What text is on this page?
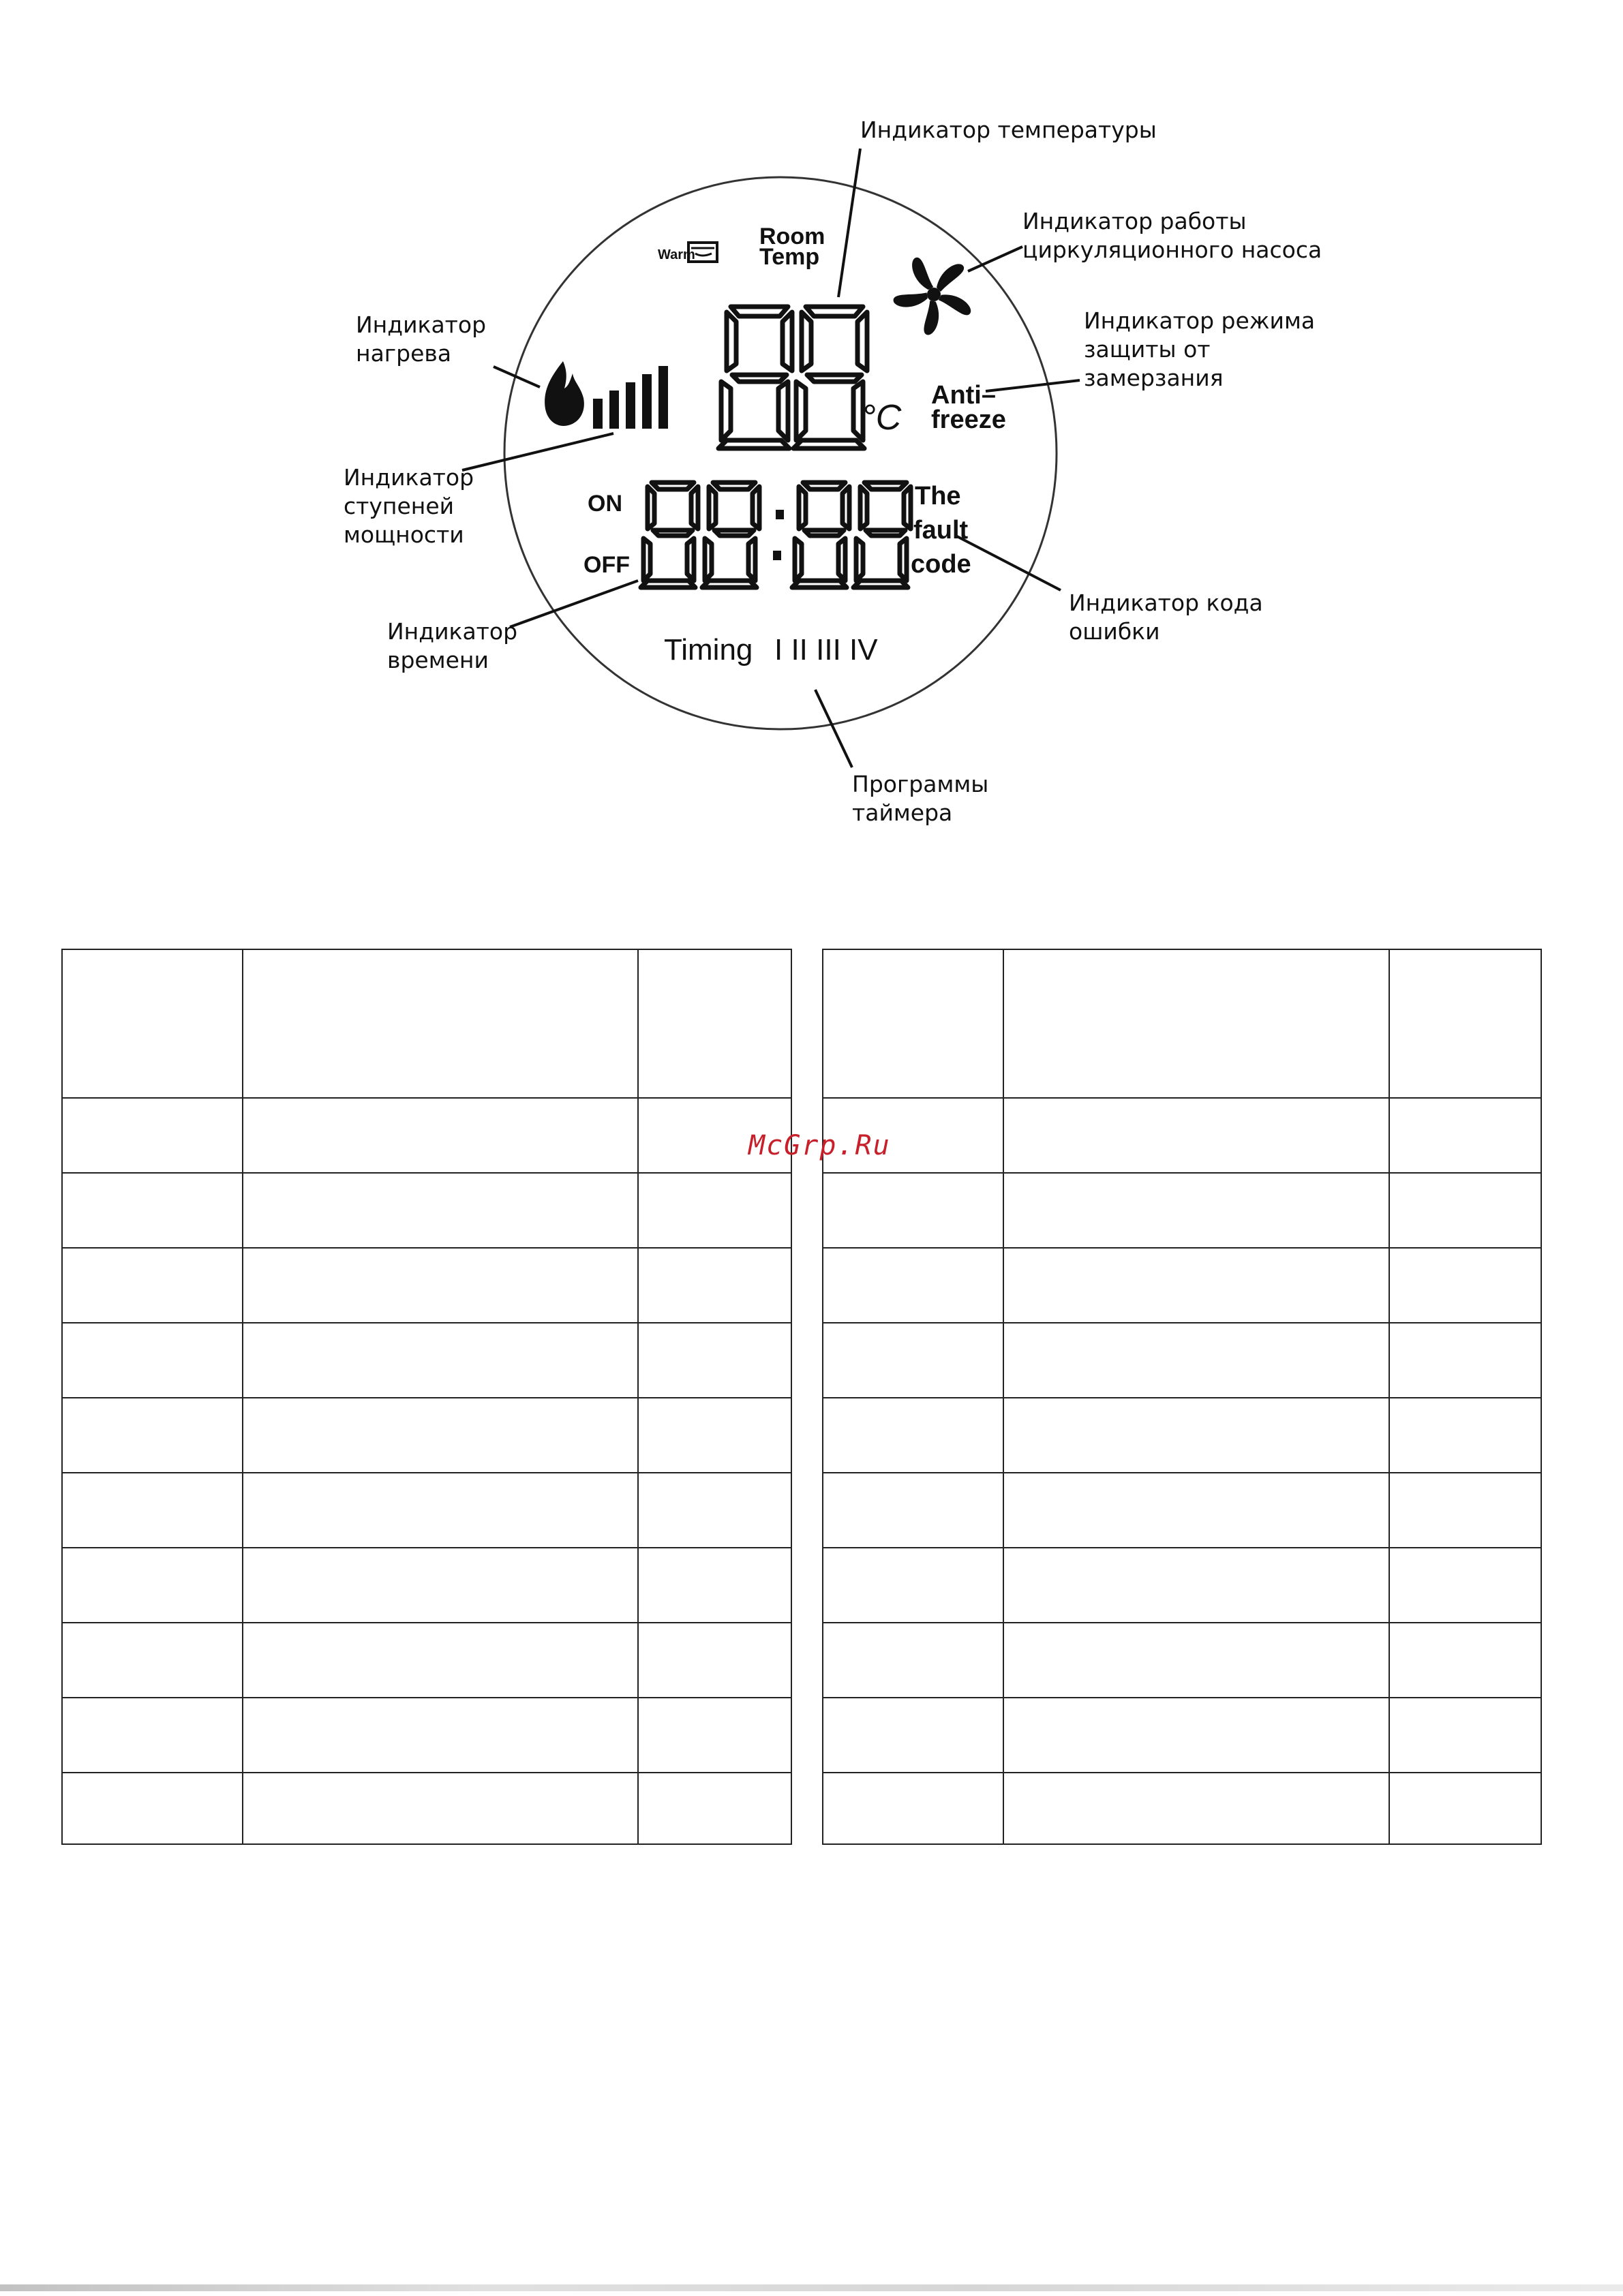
Warm
Room
Temp
°C
Anti–
freeze
ON
OFF
The
fault
code
Timing I II III IV
Индикатор температуры
Индикатор работы
циркуляционного насоса
Индикатор режима
защиты от
замерзания
Индикатор
нагрева
Индикатор
ступеней
мощности
Индикатор
времени
Индикатор кода
ошибки
Программы
таймера
McGrp.Ru
